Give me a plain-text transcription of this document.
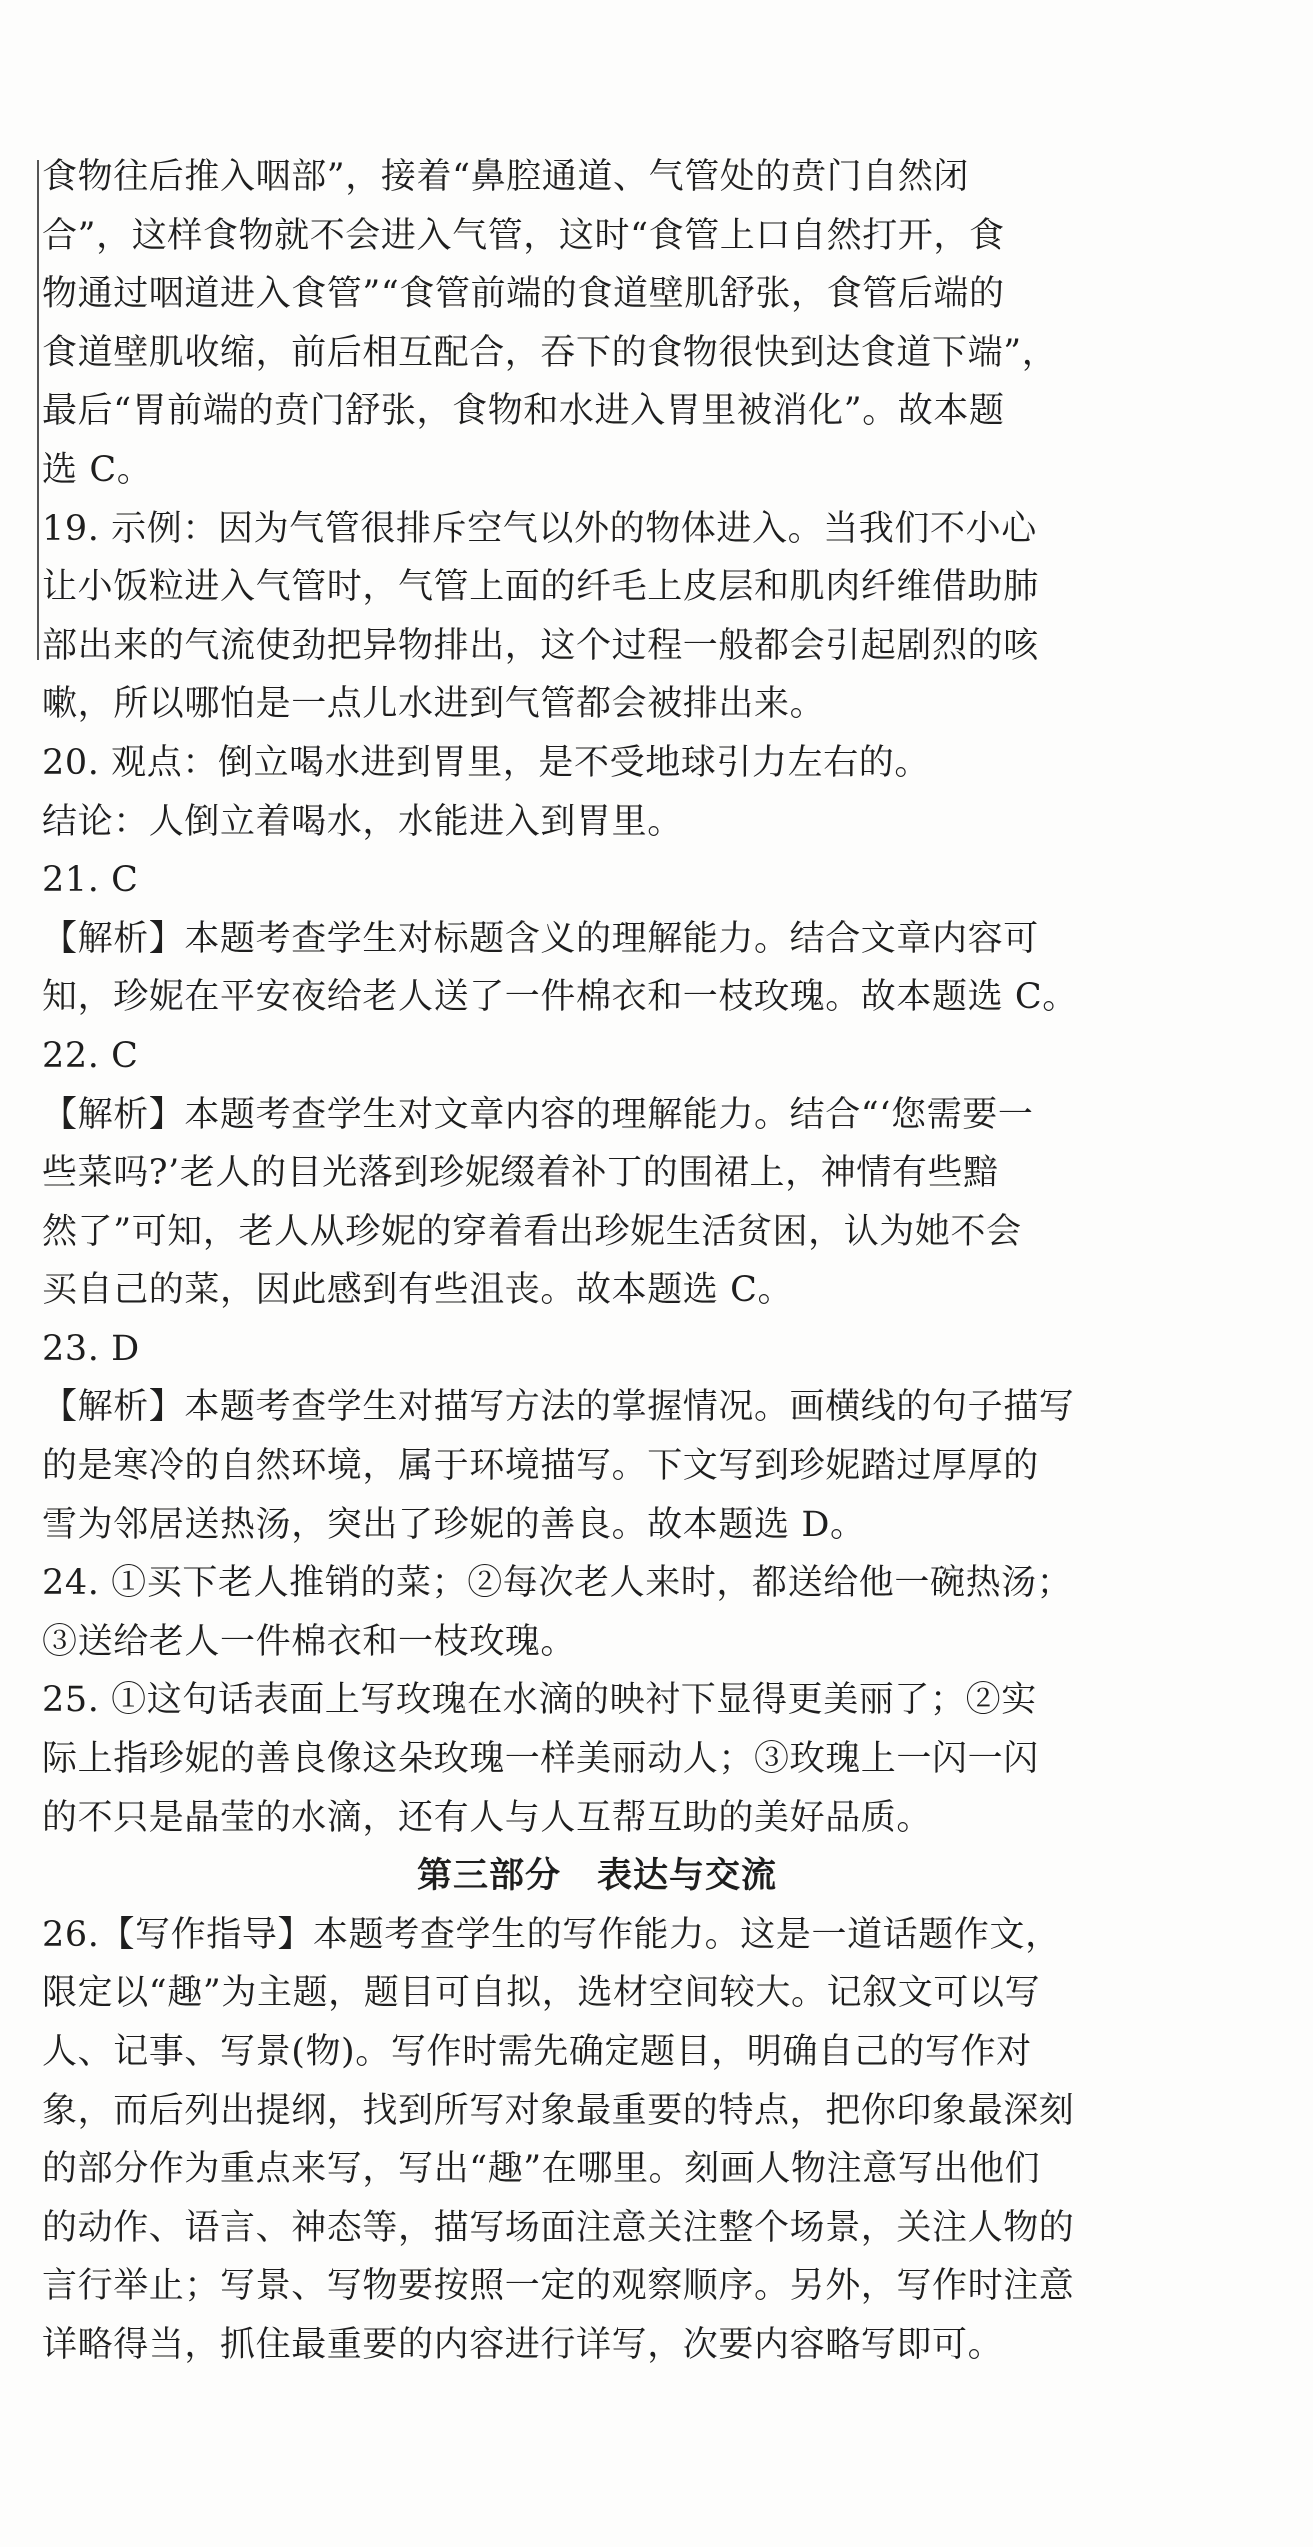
食物往后推入咽部”，接着“鼻腔通道、气管处的贲门自然闭
合”，这样食物就不会进入气管，这时“食管上口自然打开，食
物通过咽道进入食管”“食管前端的食道壁肌舒张，食管后端的
食道壁肌收缩，前后相互配合，吞下的食物很快到达食道下端”，
最后“胃前端的贲门舒张，食物和水进入胃里被消化”。故本题
选 C。
19. 示例：因为气管很排斥空气以外的物体进入。当我们不小心
让小饭粒进入气管时，气管上面的纤毛上皮层和肌肉纤维借助肺
部出来的气流使劲把异物排出，这个过程一般都会引起剧烈的咳
嗽，所以哪怕是一点儿水进到气管都会被排出来。
20. 观点：倒立喝水进到胃里，是不受地球引力左右的。
结论：人倒立着喝水，水能进入到胃里。
21. C
【解析】本题考查学生对标题含义的理解能力。结合文章内容可
知，珍妮在平安夜给老人送了一件棉衣和一枝玫瑰。故本题选 C。
22. C
【解析】本题考查学生对文章内容的理解能力。结合“‘您需要一
些菜吗?’老人的目光落到珍妮缀着补丁的围裙上，神情有些黯
然了”可知，老人从珍妮的穿着看出珍妮生活贫困，认为她不会
买自己的菜，因此感到有些沮丧。故本题选 C。
23. D
【解析】本题考查学生对描写方法的掌握情况。画横线的句子描写
的是寒冷的自然环境，属于环境描写。下文写到珍妮踏过厚厚的
雪为邻居送热汤，突出了珍妮的善良。故本题选 D。
24. ①买下老人推销的菜；②每次老人来时，都送给他一碗热汤；
③送给老人一件棉衣和一枝玫瑰。
25. ①这句话表面上写玫瑰在水滴的映衬下显得更美丽了；②实
际上指珍妮的善良像这朵玫瑰一样美丽动人；③玫瑰上一闪一闪
的不只是晶莹的水滴，还有人与人互帮互助的美好品质。
第三部分　表达与交流
26.【写作指导】本题考查学生的写作能力。这是一道话题作文，
限定以“趣”为主题，题目可自拟，选材空间较大。记叙文可以写
人、记事、写景(物)。写作时需先确定题目，明确自己的写作对
象，而后列出提纲，找到所写对象最重要的特点，把你印象最深刻
的部分作为重点来写，写出“趣”在哪里。刻画人物注意写出他们
的动作、语言、神态等，描写场面注意关注整个场景，关注人物的
言行举止；写景、写物要按照一定的观察顺序。另外，写作时注意
详略得当，抓住最重要的内容进行详写，次要内容略写即可。
